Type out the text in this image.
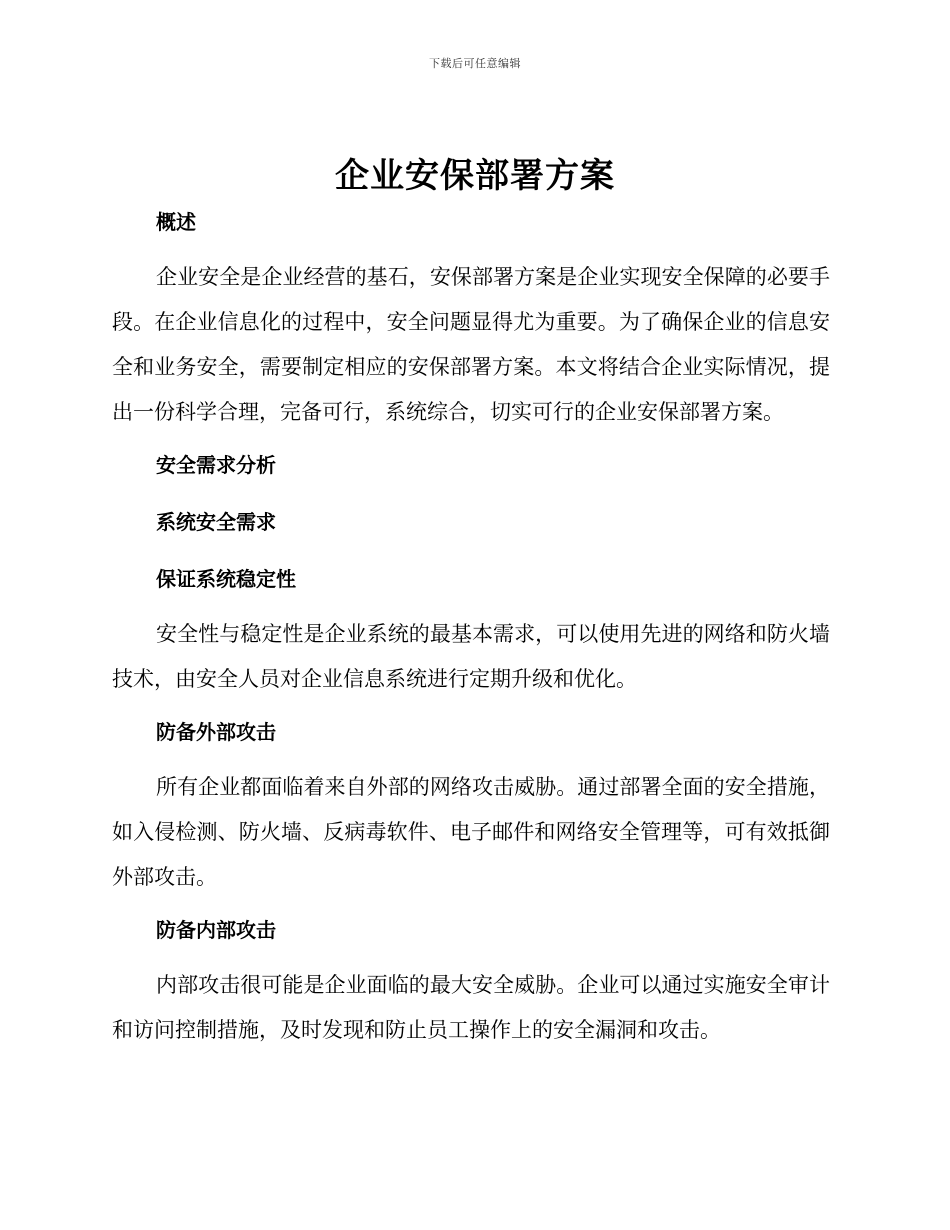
下载后可任意编辑
企业安保部署方案

概述

企业安全是企业经营的基石，安保部署方案是企业实现安全保障的必要手段。在企业信息化的过程中，安全问题显得尤为重要。为了确保企业的信息安全和业务安全，需要制定相应的安保部署方案。本文将结合企业实际情况，提出一份科学合理，完备可行，系统综合，切实可行的企业安保部署方案。

安全需求分析

系统安全需求

保证系统稳定性

安全性与稳定性是企业系统的最基本需求，可以使用先进的网络和防火墙技术，由安全人员对企业信息系统进行定期升级和优化。

防备外部攻击

所有企业都面临着来自外部的网络攻击威胁。通过部署全面的安全措施，如入侵检测、防火墙、反病毒软件、电子邮件和网络安全管理等，可有效抵御外部攻击。

防备内部攻击

内部攻击很可能是企业面临的最大安全威胁。企业可以通过实施安全审计和访问控制措施，及时发现和防止员工操作上的安全漏洞和攻击。
